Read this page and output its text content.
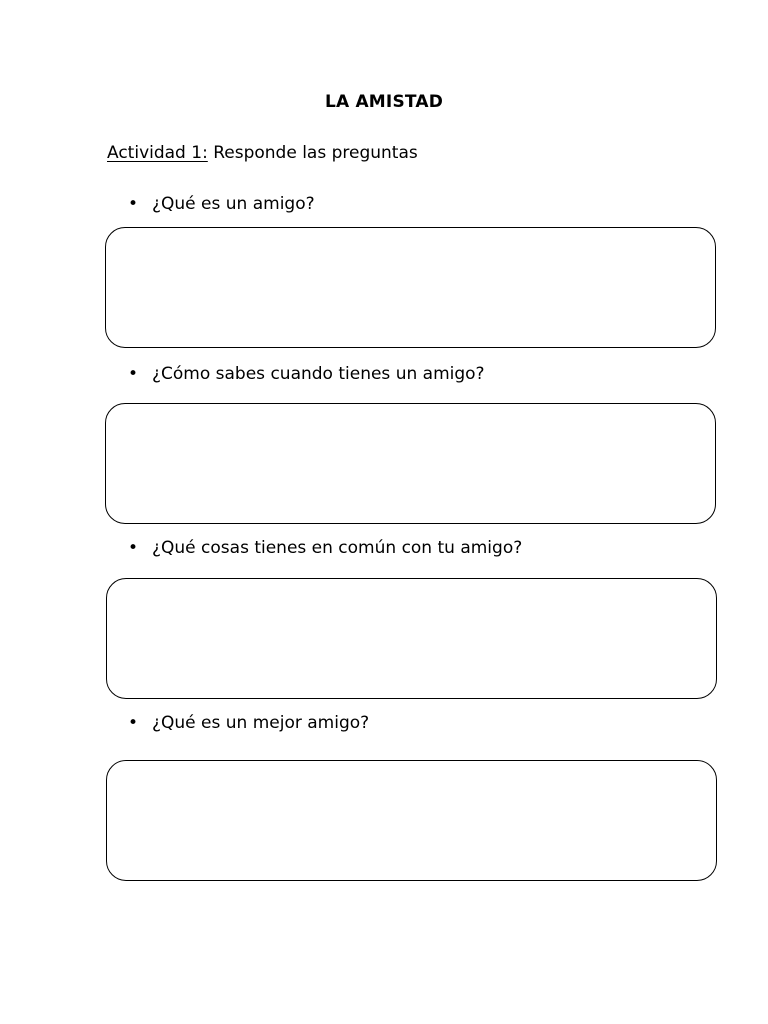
LA AMISTAD
Actividad 1: Responde las preguntas
• ¿Qué es un amigo?
• ¿Cómo sabes cuando tienes un amigo?
• ¿Qué cosas tienes en común con tu amigo?
• ¿Qué es un mejor amigo?
